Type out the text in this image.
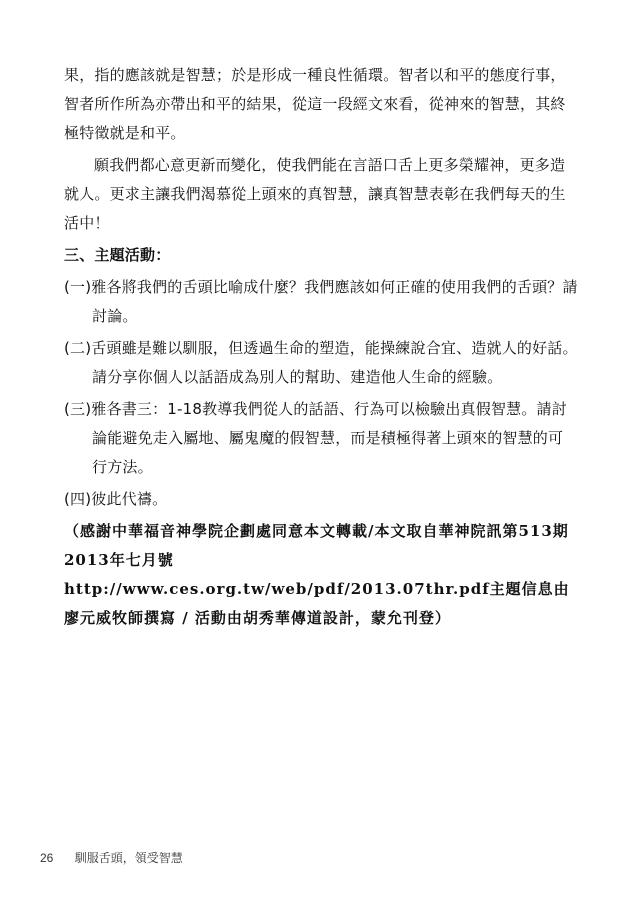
果，指的應該就是智慧；於是形成一種良性循環。智者以和平的態度行事，智者所作所為亦帶出和平的結果，從這一段經文來看，從神來的智慧，其終極特徵就是和平。

願我們都心意更新而變化，使我們能在言語口舌上更多榮耀神，更多造就人。更求主讓我們渴慕從上頭來的真智慧，讓真智慧表彰在我們每天的生活中！

三、主題活動：

(一)雅各將我們的舌頭比喻成什麼？我們應該如何正確的使用我們的舌頭？請討論。

(二)舌頭雖是難以馴服，但透過生命的塑造，能操練說合宜、造就人的好話。請分享你個人以話語成為別人的幫助、建造他人生命的經驗。

(三)雅各書三：1-18教導我們從人的話語、行為可以檢驗出真假智慧。請討論能避免走入屬地、屬鬼魔的假智慧，而是積極得著上頭來的智慧的可行方法。

(四)彼此代禱。

（感謝中華福音神學院企劃處同意本文轉載/本文取自華神院訊第513期2013年七月號http://www.ces.org.tw/web/pdf/2013.07thr.pdf主題信息由廖元威牧師撰寫 / 活動由胡秀華傳道設計，蒙允刊登）

26 馴服舌頭，領受智慧
